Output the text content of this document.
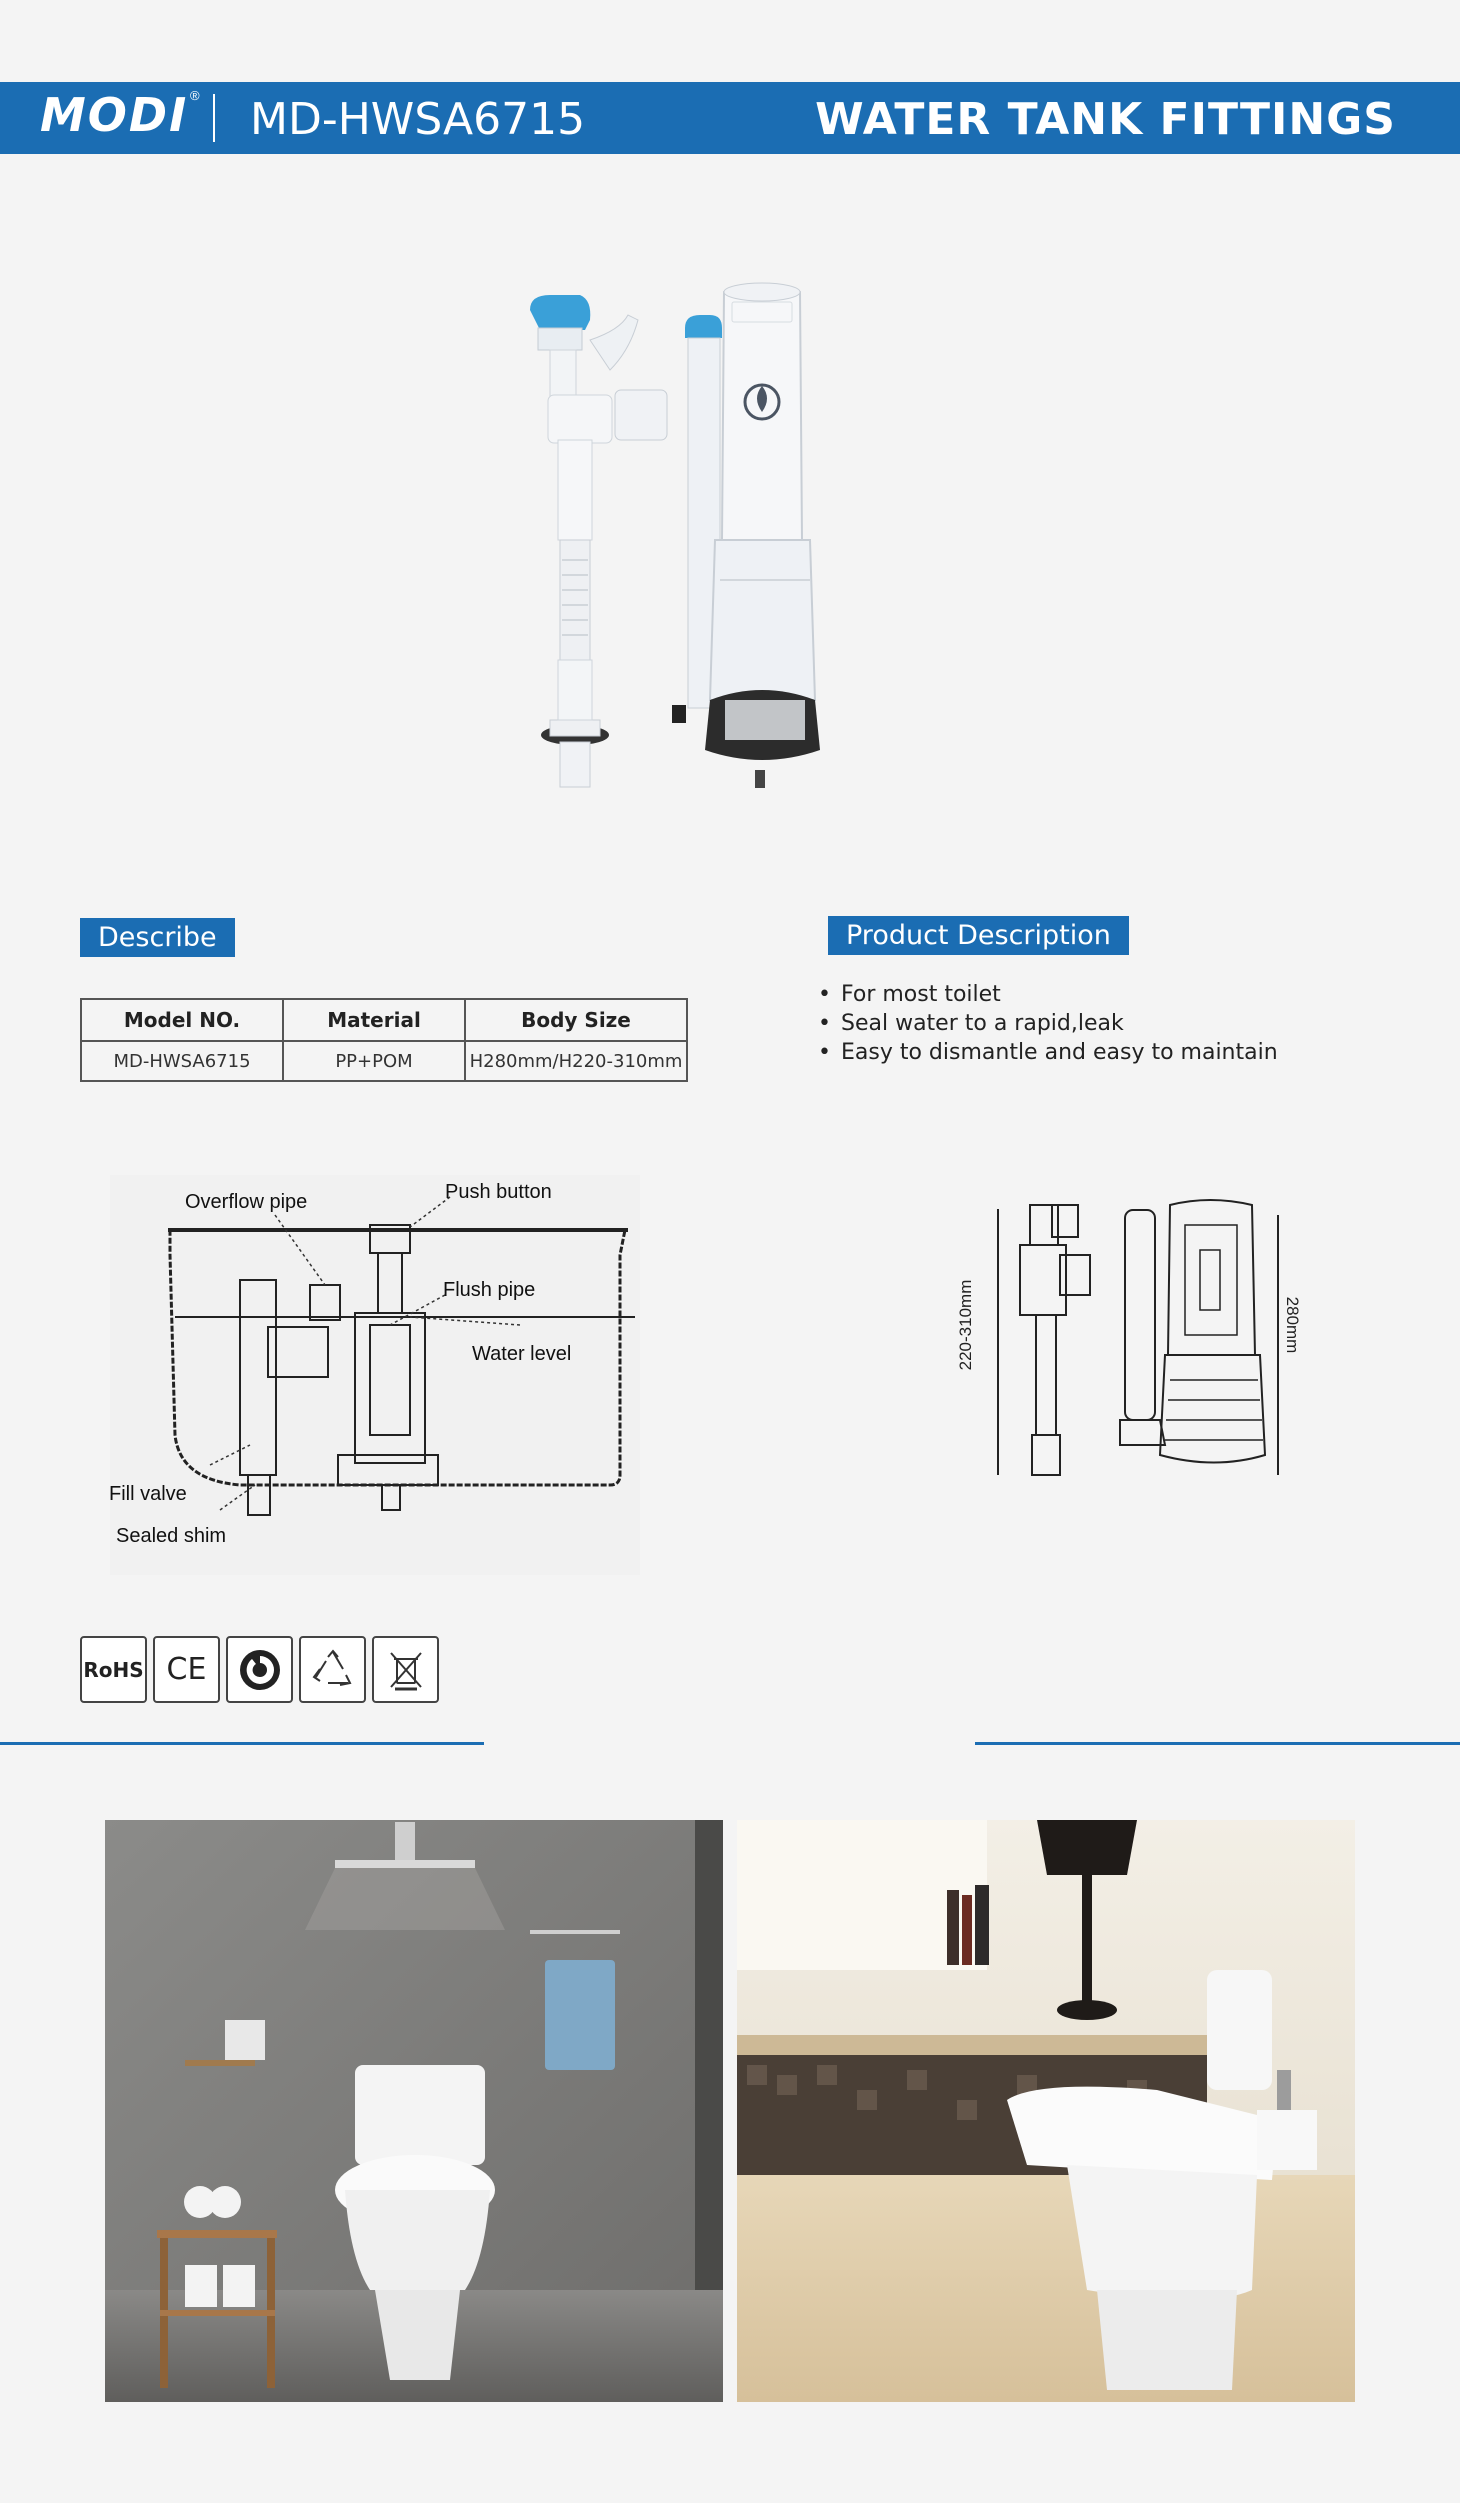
MODI ® MD-HWSA6715	WATER TANK FITTINGS
Describe
Model NO.	Material	Body Size
MD-HWSA6715	PP+POM	H280mm/H220-310mm
Product Description
• For most toilet
• Seal water to a rapid,leak
• Easy to dismantle and easy to maintain
Overflow pipe	Push button
Flush pipe
Water level
Fill valve
Sealed shim
220-310mm	280mm
RoHS CE
